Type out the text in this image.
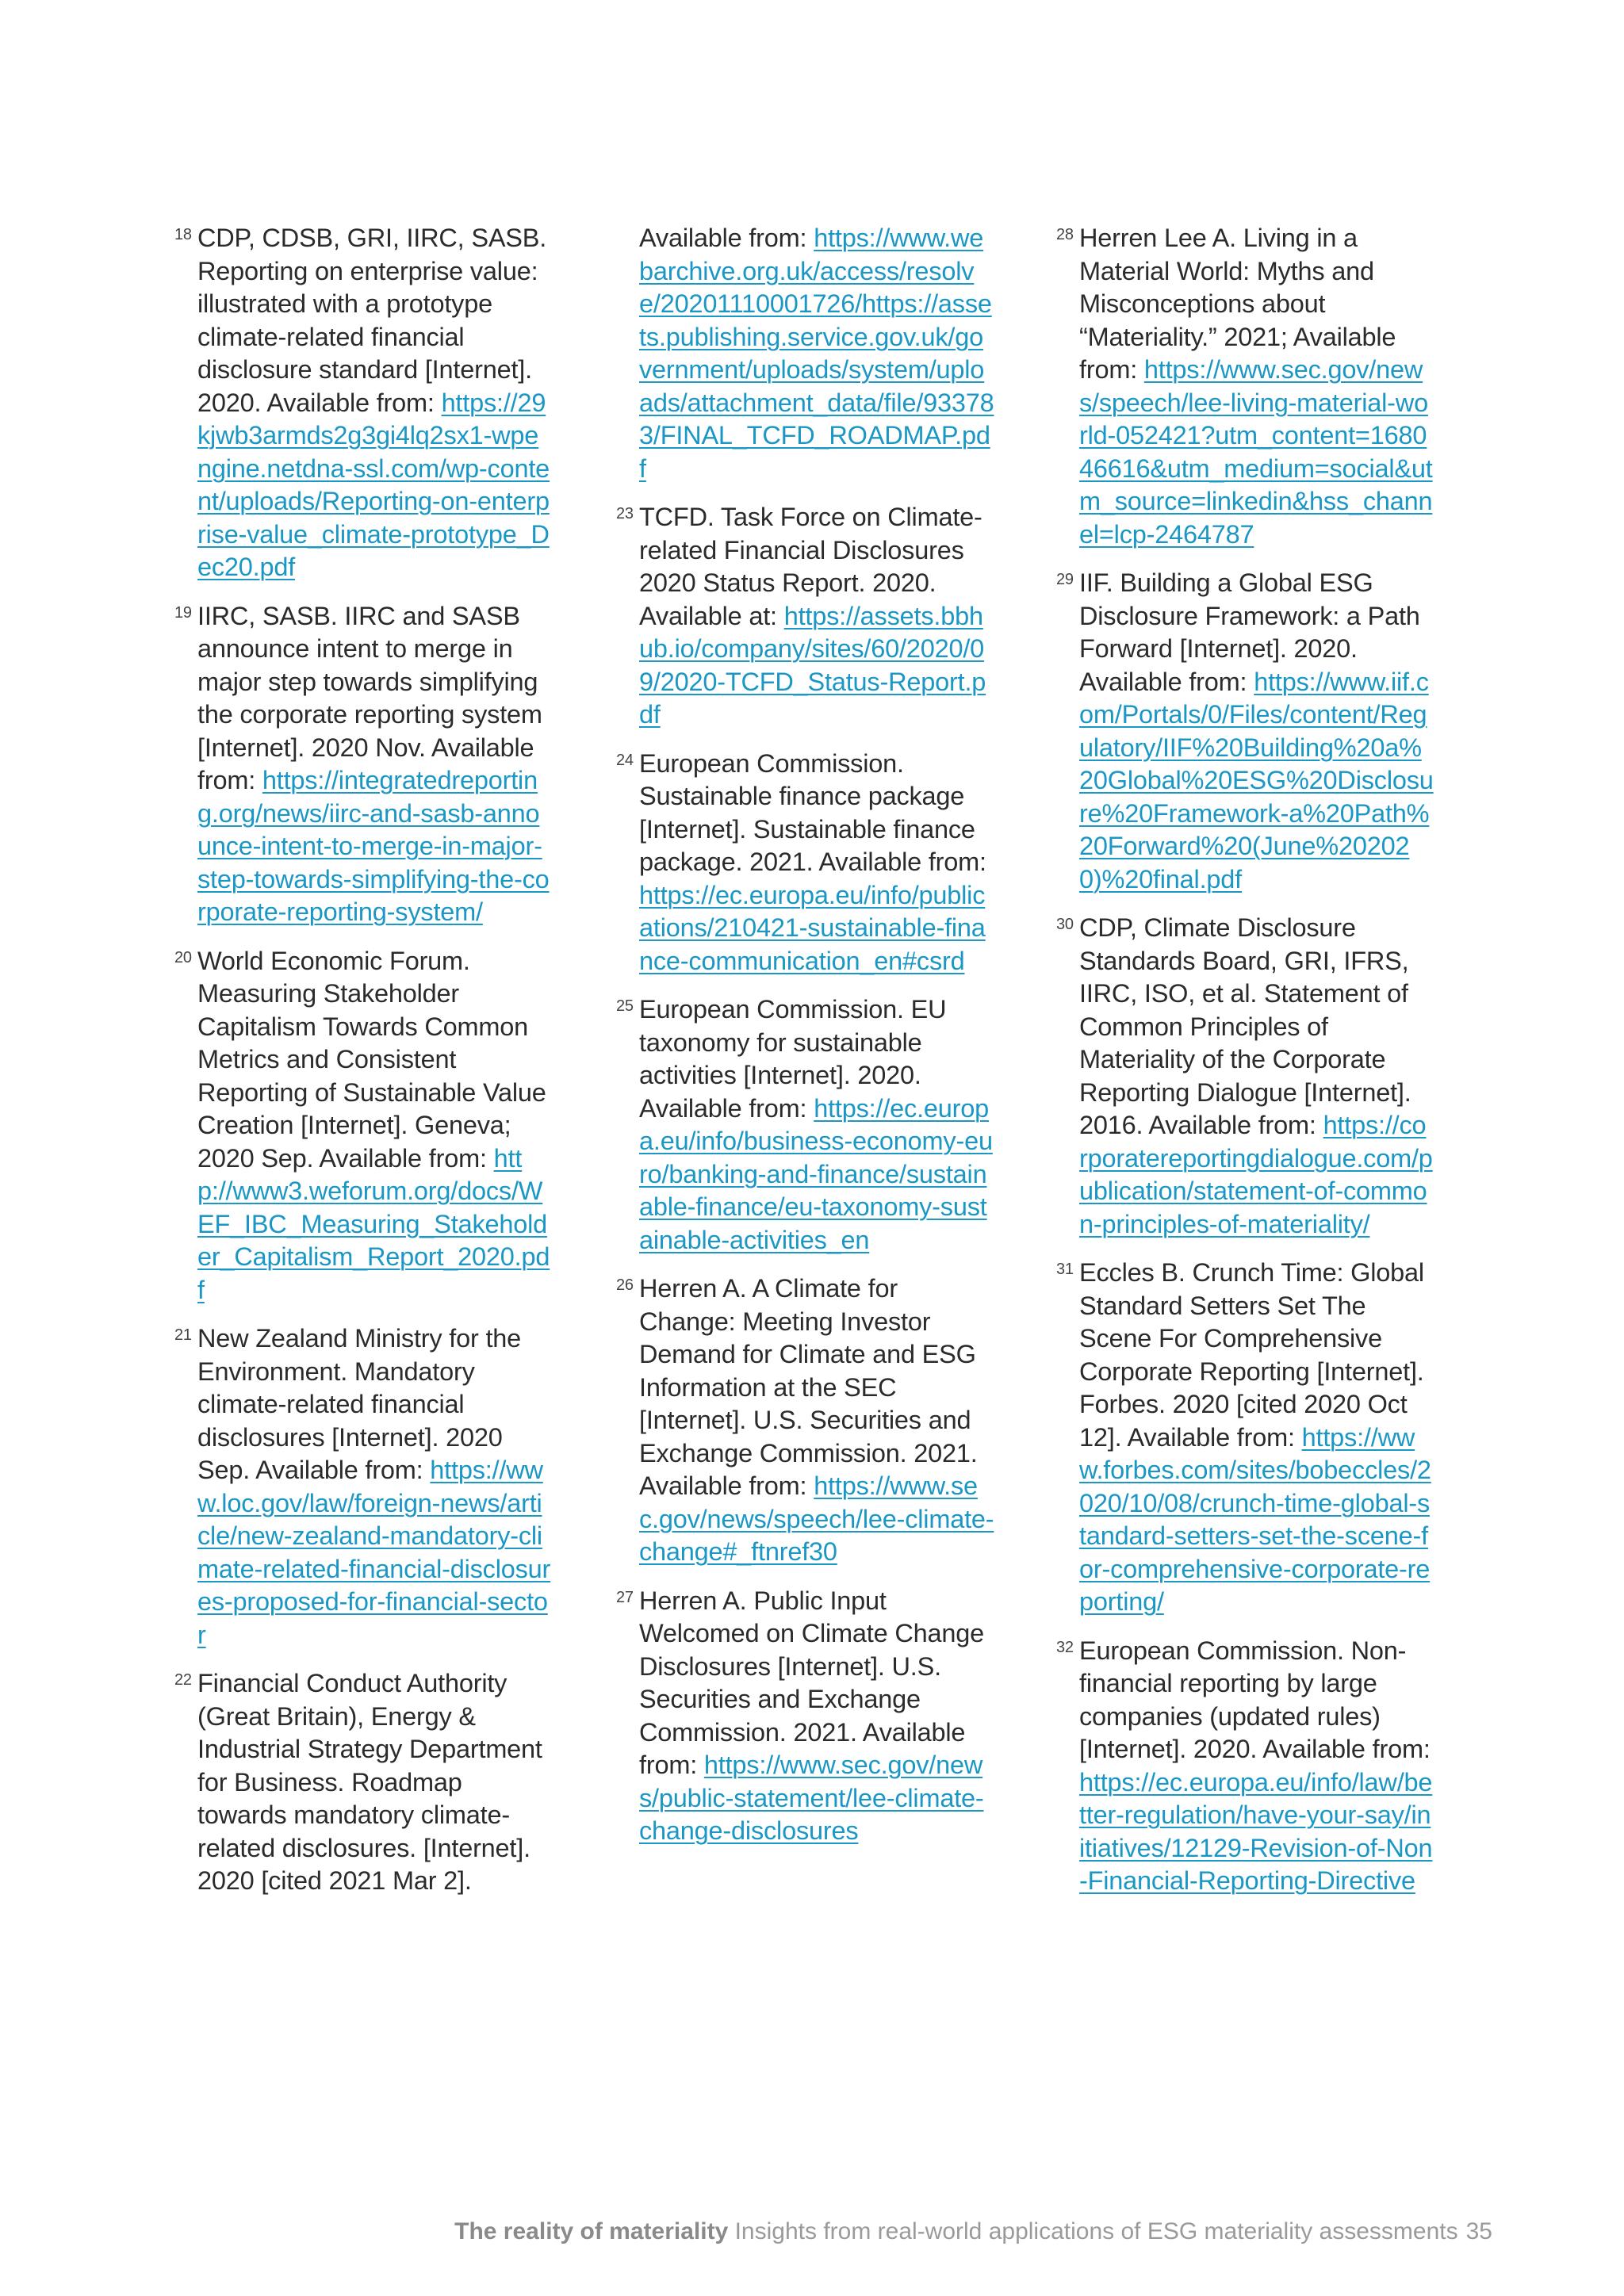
18 CDP, CDSB, GRI, IIRC, SASB. Reporting on enterprise value: illustrated with a prototype climate-related financial disclosure standard [Internet]. 2020. Available from: https://29kjwb3armds2g3gi4lq2sx1-wpengine.netdna-ssl.com/wp-content/uploads/Reporting-on-enterprise-value_climate-prototype_Dec20.pdf

19 IIRC, SASB. IIRC and SASB announce intent to merge in major step towards simplifying the corporate reporting system [Internet]. 2020 Nov. Available from: https://integratedreporting.org/news/iirc-and-sasb-announce-intent-to-merge-in-major-step-towards-simplifying-the-corporate-reporting-system/

20 World Economic Forum. Measuring Stakeholder Capitalism Towards Common Metrics and Consistent Reporting of Sustainable Value Creation [Internet]. Geneva; 2020 Sep. Available from: http://www3.weforum.org/docs/WEF_IBC_Measuring_Stakeholder_Capitalism_Report_2020.pdf

21 New Zealand Ministry for the Environment. Mandatory climate-related financial disclosures [Internet]. 2020 Sep. Available from: https://www.loc.gov/law/foreign-news/article/new-zealand-mandatory-climate-related-financial-disclosures-proposed-for-financial-sector

22 Financial Conduct Authority (Great Britain), Energy & Industrial Strategy Department for Business. Roadmap towards mandatory climate-related disclosures. [Internet]. 2020 [cited 2021 Mar 2].

Available from: https://www.webarchive.org.uk/access/resolve/20201110001726/https://assets.publishing.service.gov.uk/government/uploads/system/uploads/attachment_data/file/933783/FINAL_TCFD_ROADMAP.pdf

23 TCFD. Task Force on Climate-related Financial Disclosures 2020 Status Report. 2020. Available at: https://assets.bbhub.io/company/sites/60/2020/09/2020-TCFD_Status-Report.pdf

24 European Commission. Sustainable finance package [Internet]. Sustainable finance package. 2021. Available from: https://ec.europa.eu/info/publications/210421-sustainable-finance-communication_en#csrd

25 European Commission. EU taxonomy for sustainable activities [Internet]. 2020. Available from: https://ec.europa.eu/info/business-economy-euro/banking-and-finance/sustainable-finance/eu-taxonomy-sustainable-activities_en

26 Herren A. A Climate for Change: Meeting Investor Demand for Climate and ESG Information at the SEC [Internet]. U.S. Securities and Exchange Commission. 2021. Available from: https://www.sec.gov/news/speech/lee-climate-change#_ftnref30

27 Herren A. Public Input Welcomed on Climate Change Disclosures [Internet]. U.S. Securities and Exchange Commission. 2021. Available from: https://www.sec.gov/news/public-statement/lee-climate-change-disclosures

28 Herren Lee A. Living in a Material World: Myths and Misconceptions about “Materiality.” 2021; Available from: https://www.sec.gov/news/speech/lee-living-material-world-052421?utm_content=168046616&utm_medium=social&utm_source=linkedin&hss_channel=lcp-2464787

29 IIF. Building a Global ESG Disclosure Framework: a Path Forward [Internet]. 2020. Available from: https://www.iif.com/Portals/0/Files/content/Regulatory/IIF%20Building%20a%20Global%20ESG%20Disclosure%20Framework-a%20Path%20Forward%20(June%202020)%20final.pdf

30 CDP, Climate Disclosure Standards Board, GRI, IFRS, IIRC, ISO, et al. Statement of Common Principles of Materiality of the Corporate Reporting Dialogue [Internet]. 2016. Available from: https://corporatereportingdialogue.com/publication/statement-of-common-principles-of-materiality/

31 Eccles B. Crunch Time: Global Standard Setters Set The Scene For Comprehensive Corporate Reporting [Internet]. Forbes. 2020 [cited 2020 Oct 12]. Available from: https://www.forbes.com/sites/bobeccles/2020/10/08/crunch-time-global-standard-setters-set-the-scene-for-comprehensive-corporate-reporting/

32 European Commission. Non-financial reporting by large companies (updated rules) [Internet]. 2020. Available from: https://ec.europa.eu/info/law/better-regulation/have-your-say/initiatives/12129-Revision-of-Non-Financial-Reporting-Directive

The reality of materiality Insights from real-world applications of ESG materiality assessments 35
